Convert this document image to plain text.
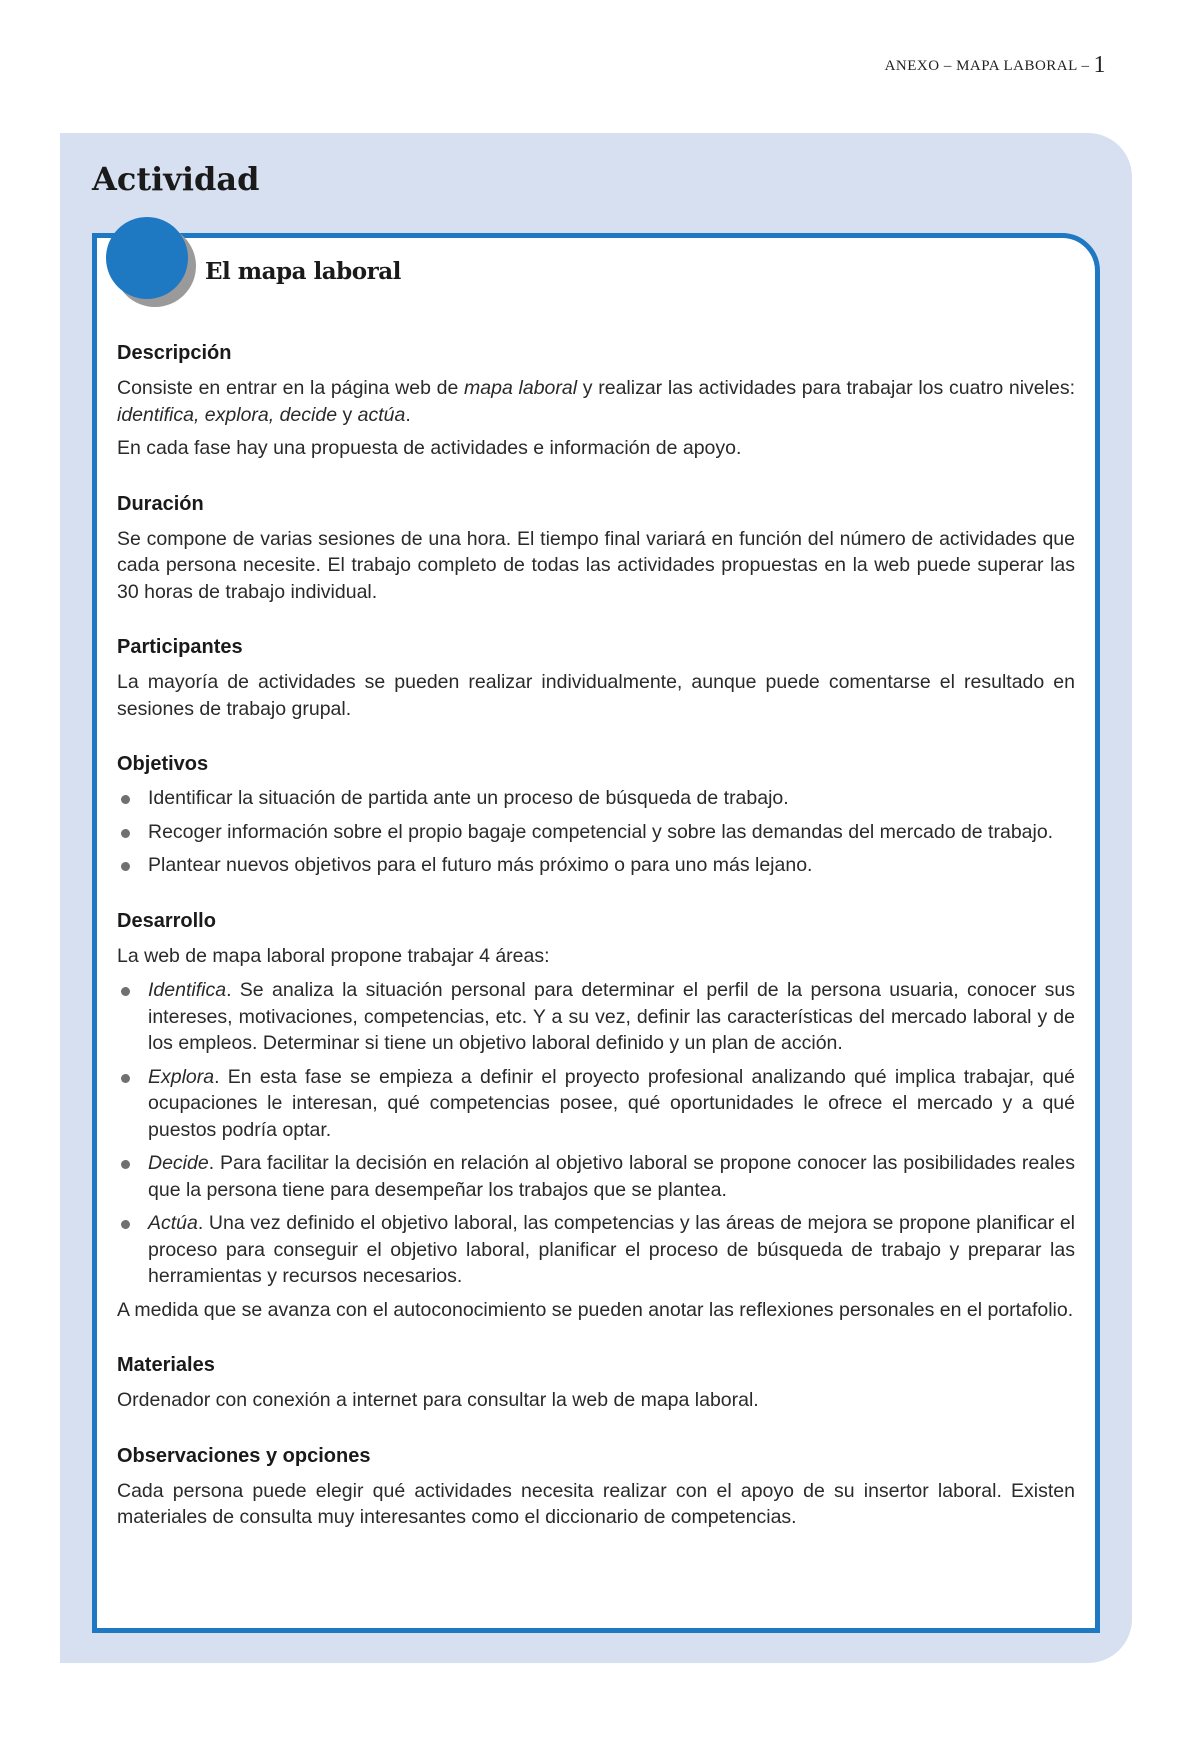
ANEXO – MAPA LABORAL – 1
Actividad
El mapa laboral
Descripción

Consiste en entrar en la página web de mapa laboral y realizar las actividades para trabajar los cuatro niveles: identifica, explora, decide y actúa.

En cada fase hay una propuesta de actividades e información de apoyo.

Duración

Se compone de varias sesiones de una hora. El tiempo final variará en función del número de actividades que cada persona necesite. El trabajo completo de todas las actividades propuestas en la web puede superar las 30 horas de trabajo individual.

Participantes

La mayoría de actividades se pueden realizar individualmente, aunque puede comentarse el resultado en sesiones de trabajo grupal.

Objetivos
Identificar la situación de partida ante un proceso de búsqueda de trabajo.
Recoger información sobre el propio bagaje competencial y sobre las demandas del mercado de trabajo.
Plantear nuevos objetivos para el futuro más próximo o para uno más lejano.
Desarrollo

La web de mapa laboral propone trabajar 4 áreas:

Identifica. Se analiza la situación personal para determinar el perfil de la persona usuaria, conocer sus intereses, motivaciones, competencias, etc. Y a su vez, definir las características del mercado laboral y de los empleos. Determinar si tiene un objetivo laboral definido y un plan de acción.
Explora. En esta fase se empieza a definir el proyecto profesional analizando qué implica trabajar, qué ocupaciones le interesan, qué competencias posee, qué oportunidades le ofrece el mercado y a qué puestos podría optar.
Decide. Para facilitar la decisión en relación al objetivo laboral se propone conocer las posibilidades reales que la persona tiene para desempeñar los trabajos que se plantea.
Actúa. Una vez definido el objetivo laboral, las competencias y las áreas de mejora se propone planificar el proceso para conseguir el objetivo laboral, planificar el proceso de búsqueda de trabajo y preparar las herramientas y recursos necesarios.

A medida que se avanza con el autoconocimiento se pueden anotar las reflexiones personales en el portafolio.

Materiales

Ordenador con conexión a internet para consultar la web de mapa laboral.

Observaciones y opciones

Cada persona puede elegir qué actividades necesita realizar con el apoyo de su insertor laboral. Existen materiales de consulta muy interesantes como el diccionario de competencias.
